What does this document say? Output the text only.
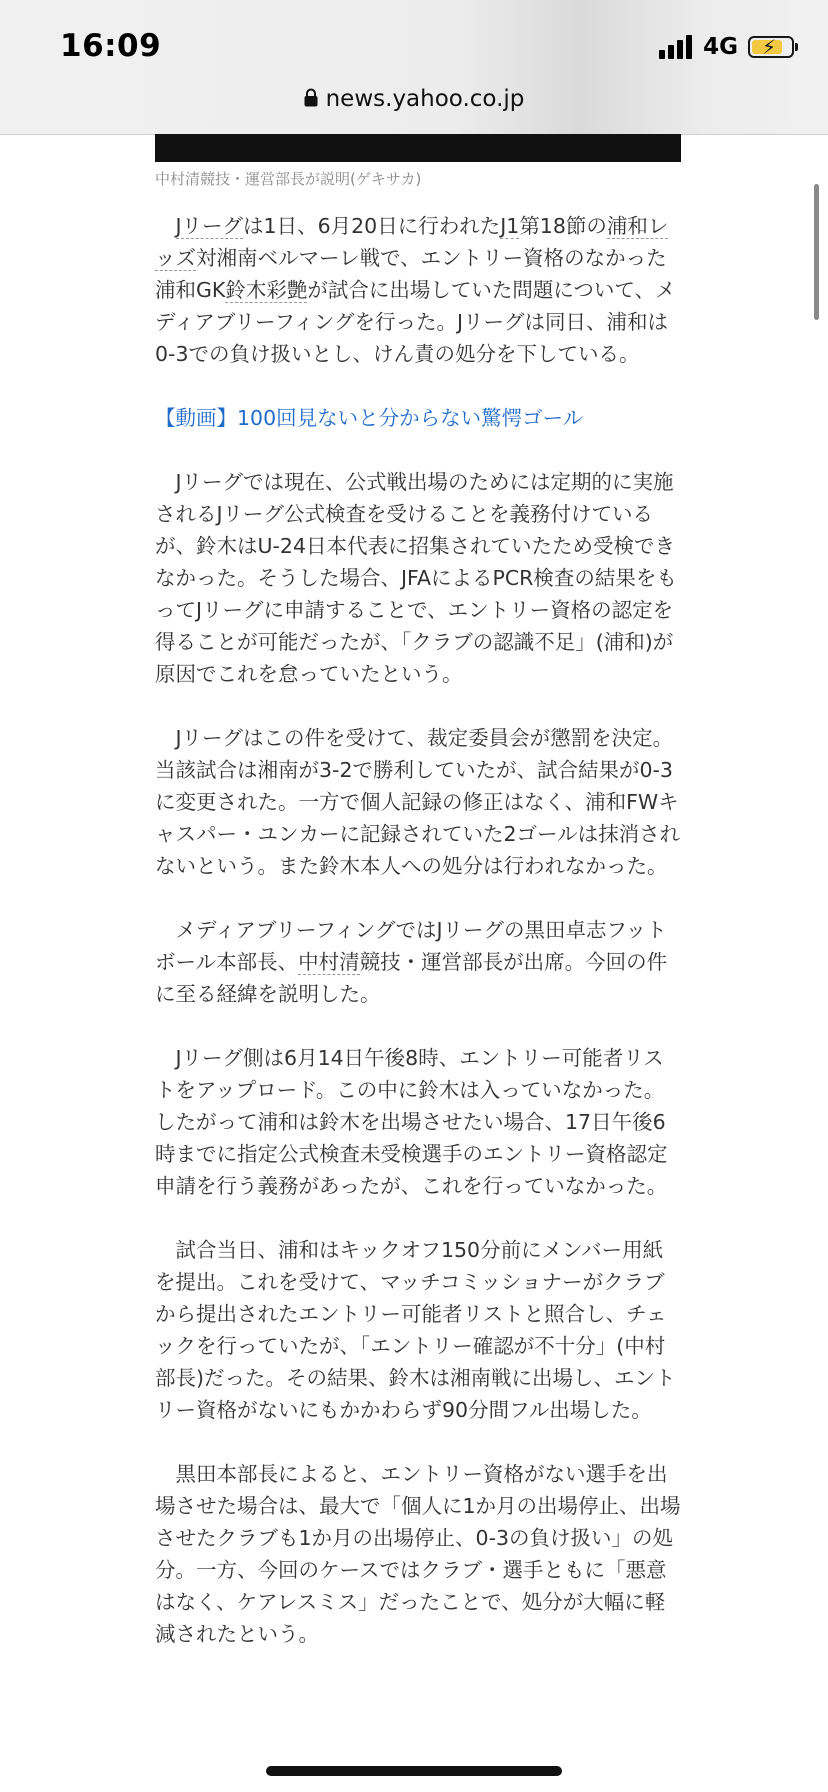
16:09	4G ⚡
news.yahoo.co.jp
中村清競技・運営部長が説明(ゲキサカ)

Jリーグは1日、6月20日に行われたJ1第18節の浦和レッズ対湘南ベルマーレ戦で、エントリー資格のなかった浦和GK鈴木彩艶が試合に出場していた問題について、メディアブリーフィングを行った。Jリーグは同日、浦和は0-3での負け扱いとし、けん責の処分を下している。

【動画】100回見ないと分からない驚愕ゴール

Jリーグでは現在、公式戦出場のためには定期的に実施されるJリーグ公式検査を受けることを義務付けているが、鈴木はU-24日本代表に招集されていたため受検できなかった。そうした場合、JFAによるPCR検査の結果をもってJリーグに申請することで、エントリー資格の認定を得ることが可能だったが、「クラブの認識不足」(浦和)が原因でこれを怠っていたという。

Jリーグはこの件を受けて、裁定委員会が懲罰を決定。当該試合は湘南が3-2で勝利していたが、試合結果が0-3に変更された。一方で個人記録の修正はなく、浦和FWキャスパー・ユンカーに記録されていた2ゴールは抹消されないという。また鈴木本人への処分は行われなかった。

メディアブリーフィングではJリーグの黒田卓志フットボール本部長、中村清競技・運営部長が出席。今回の件に至る経緯を説明した。

Jリーグ側は6月14日午後8時、エントリー可能者リストをアップロード。この中に鈴木は入っていなかった。したがって浦和は鈴木を出場させたい場合、17日午後6時までに指定公式検査未受検選手のエントリー資格認定申請を行う義務があったが、これを行っていなかった。

試合当日、浦和はキックオフ150分前にメンバー用紙を提出。これを受けて、マッチコミッショナーがクラブから提出されたエントリー可能者リストと照合し、チェックを行っていたが、「エントリー確認が不十分」(中村部長)だった。その結果、鈴木は湘南戦に出場し、エントリー資格がないにもかかわらず90分間フル出場した。

黒田本部長によると、エントリー資格がない選手を出場させた場合は、最大で「個人に1か月の出場停止、出場させたクラブも1か月の出場停止、0-3の負け扱い」の処分。一方、今回のケースではクラブ・選手ともに「悪意はなく、ケアレスミス」だったことで、処分が大幅に軽減されたという。
